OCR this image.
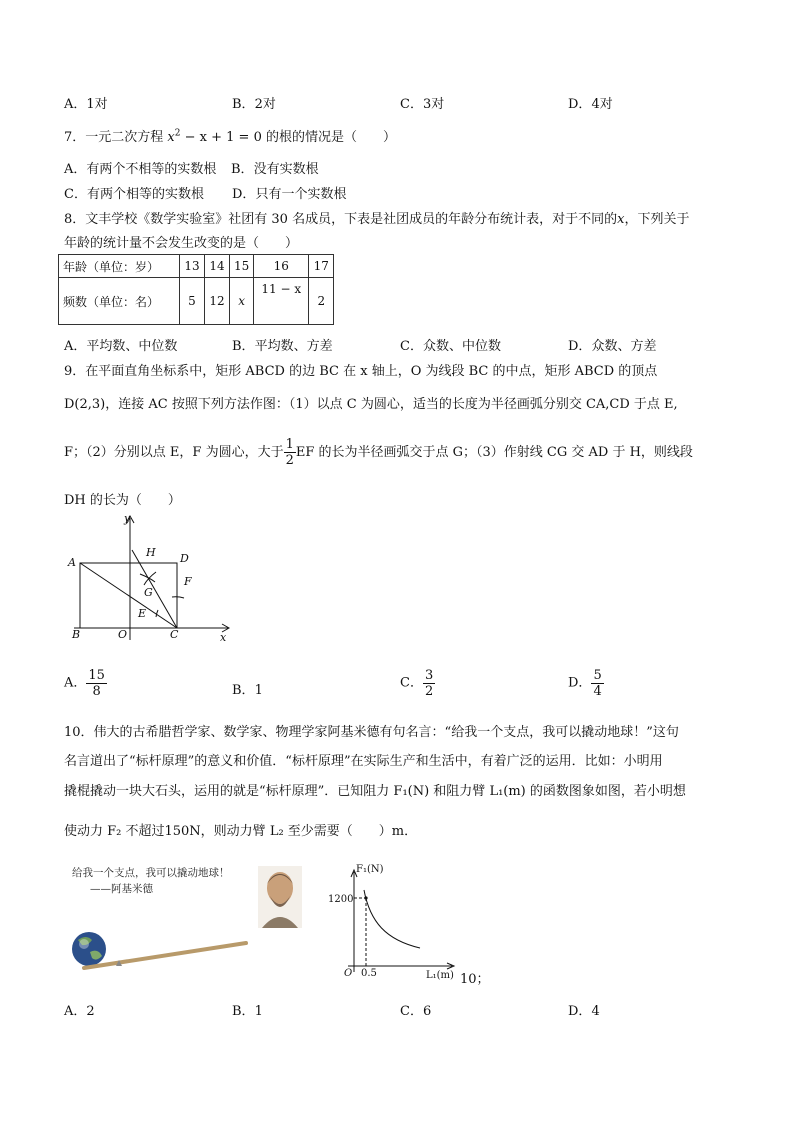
A．1对	B．2对	C．3对	D．4对
7．一元二次方程 $x^2 - x + 1 = 0$ 的根的情况是（　　）
A．有两个不相等的实数根 B．没有实数根
C．有两个相等的实数根 D．只有一个实数根
8．文丰学校《数学实验室》社团有 30 名成员，下表是社团成员的年龄分布统计表，对于不同的x，下列关于
年龄的统计量不会发生改变的是（　　）
年龄（单位：岁）	13	14	15	16	17
频数（单位：名）	5	12	x	11 − x	2
A．平均数、中位数	B．平均数、方差	C．众数、中位数	D．众数、方差
9．在平面直角坐标系中，矩形 ABCD 的边 BC 在 x 轴上，O 为线段 BC 的中点，矩形 ABCD 的顶点
D(2,3)，连接 AC 按照下列方法作图：（1）以点 C 为圆心，适当的长度为半径画弧分别交 CA,CD 于点 E,
F；（2）分别以点 E，F 为圆心，大于 $\frac{1}{2}$ EF 的长为半径画弧交于点 G；（3）作射线 CG 交 AD 于 H，则线段
DH 的长为（　　）
y
A	D
H
F
G
E
B	O	C	x
A． $\frac{15}{8}$	B．1	C． $\frac{3}{2}$	D． $\frac{5}{4}$
10．伟大的古希腊哲学家、数学家、物理学家阿基米德有句名言：“给我一个支点，我可以撬动地球！”这句
名言道出了“标杆原理”的意义和价值．“标杆原理”在实际生产和生活中，有着广泛的运用．比如：小明用
撬棍撬动一块大石头，运用的就是“标杆原理”．已知阻力 F₁(N) 和阻力臂 L₁(m) 的函数图象如图，若小明想
使动力 F₂ 不超过150N，则动力臂 L₂ 至少需要（　　）m．
给我一个支点，我可以撬动地球！
——阿基米德
F₁(N)
1200
0.5
O	L₁(m) 10；
A．2	B．1	C．6	D．4
